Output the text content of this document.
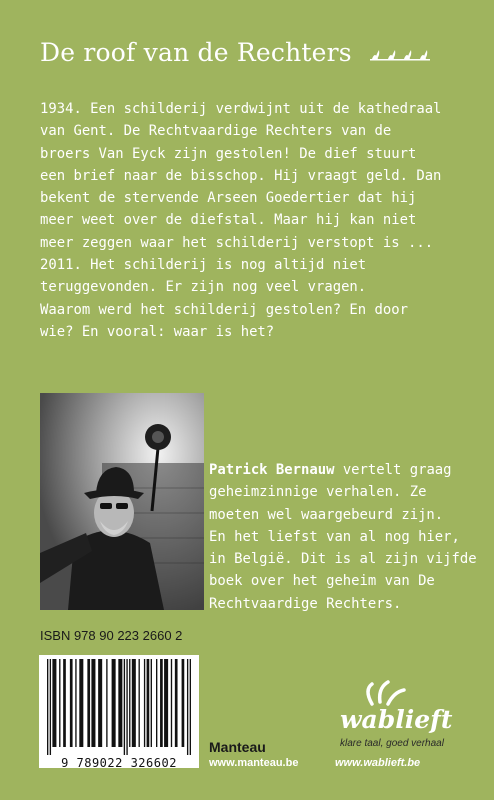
De roof van de Rechters
1934. Een schilderij verdwijnt uit de kathedraal
van Gent. De Rechtvaardige Rechters van de
broers Van Eyck zijn gestolen! De dief stuurt
een brief naar de bisschop. Hij vraagt geld. Dan
bekent de stervende Arseen Goedertier dat hij
meer weet over de diefstal. Maar hij kan niet
meer zeggen waar het schilderij verstopt is ...
2011. Het schilderij is nog altijd niet
teruggevonden. Er zijn nog veel vragen.
Waarom werd het schilderij gestolen? En door
wie? En vooral: waar is het?
Patrick Bernauw vertelt graag
geheimzinnige verhalen. Ze
moeten wel waargebeurd zijn.
En het liefst van al nog hier,
in België. Dit is al zijn vijfde
boek over het geheim van De
Rechtvaardige Rechters.
ISBN 978 90 223 2660 2
9 789022 326602
Manteau
www.manteau.be
wablieft
klare taal, goed verhaal
www.wablieft.be
